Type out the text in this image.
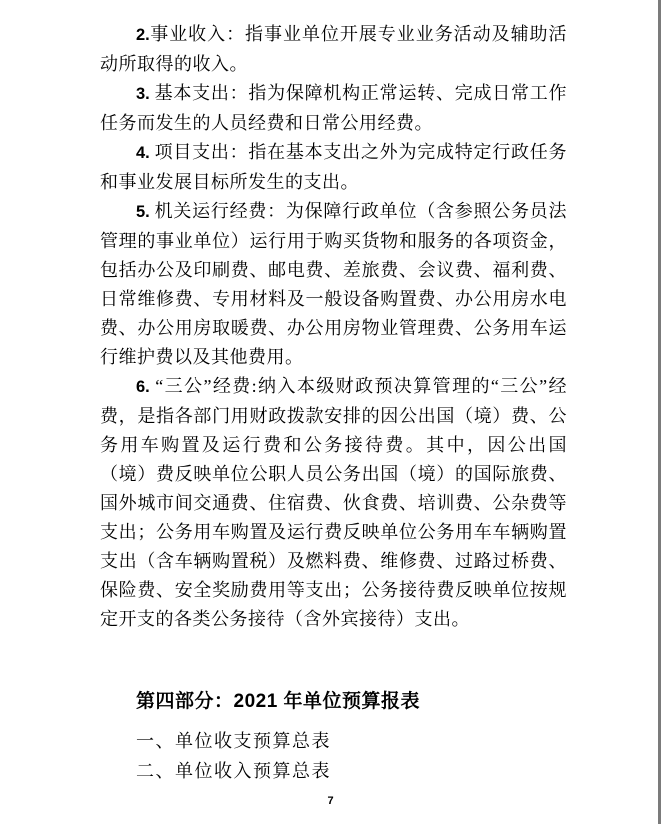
2.事业收入：指事业单位开展专业业务活动及辅助活动所取得的收入。

3. 基本支出：指为保障机构正常运转、完成日常工作任务而发生的人员经费和日常公用经费。

4. 项目支出：指在基本支出之外为完成特定行政任务和事业发展目标所发生的支出。

5. 机关运行经费：为保障行政单位（含参照公务员法管理的事业单位）运行用于购买货物和服务的各项资金，包括办公及印刷费、邮电费、差旅费、会议费、福利费、日常维修费、专用材料及一般设备购置费、办公用房水电费、办公用房取暖费、办公用房物业管理费、公务用车运行维护费以及其他费用。

6. “三公”经费:纳入本级财政预决算管理的“三公”经费，是指各部门用财政拨款安排的因公出国（境）费、公务用车购置及运行费和公务接待费。其中，因公出国（境）费反映单位公职人员公务出国（境）的国际旅费、国外城市间交通费、住宿费、伙食费、培训费、公杂费等支出；公务用车购置及运行费反映单位公务用车车辆购置支出（含车辆购置税）及燃料费、维修费、过路过桥费、保险费、安全奖励费用等支出；公务接待费反映单位按规定开支的各类公务接待（含外宾接待）支出。

第四部分：2021 年单位预算报表

一、单位收支预算总表

二、单位收入预算总表

7
